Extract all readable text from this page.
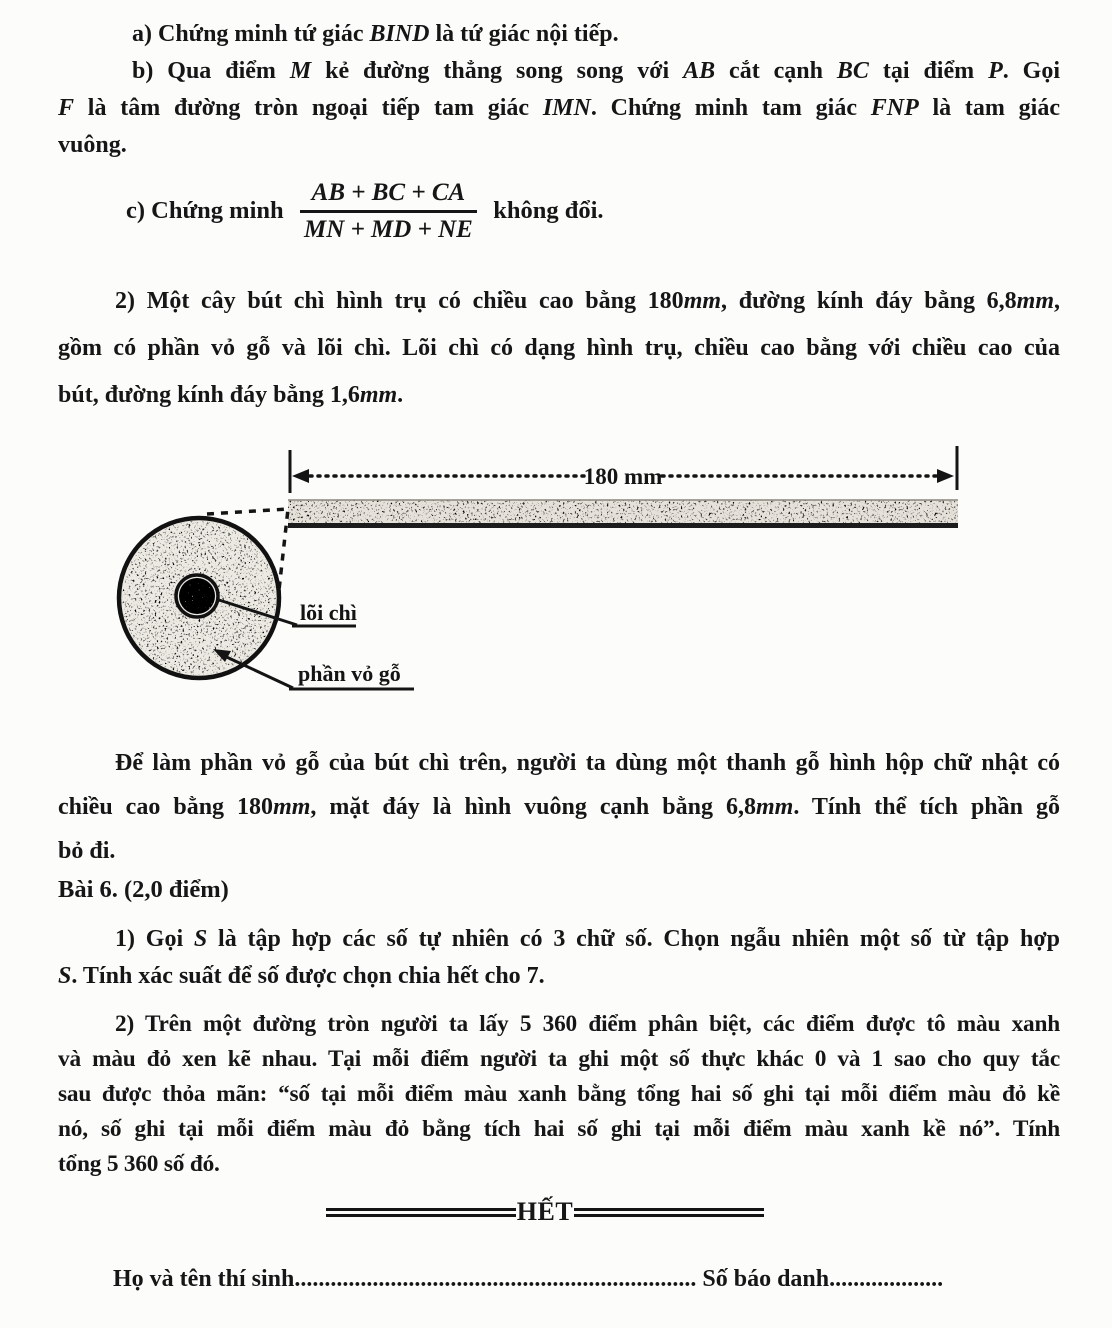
a) Chứng minh tứ giác BIND là tứ giác nội tiếp.
b) Qua điểm M kẻ đường thẳng song song với AB cắt cạnh BC tại điểm P. Gọi
F là tâm đường tròn ngoại tiếp tam giác IMN. Chứng minh tam giác FNP là tam giác
vuông.
c) Chứng minh $\frac{AB + BC + CA}{MN + MD + NE}$ không đổi.
2) Một cây bút chì hình trụ có chiều cao bằng 180mm, đường kính đáy bằng 6,8mm,
gồm có phần vỏ gỗ và lõi chì. Lõi chì có dạng hình trụ, chiều cao bằng với chiều cao của
bút, đường kính đáy bằng 1,6mm.
180 mm
lõi chì
phần vỏ gỗ
Để làm phần vỏ gỗ của bút chì trên, người ta dùng một thanh gỗ hình hộp chữ nhật có
chiều cao bằng 180mm, mặt đáy là hình vuông cạnh bằng 6,8mm. Tính thể tích phần gỗ
bỏ đi.
Bài 6. (2,0 điểm)
1) Gọi S là tập hợp các số tự nhiên có 3 chữ số. Chọn ngẫu nhiên một số từ tập hợp
S. Tính xác suất để số được chọn chia hết cho 7.
2) Trên một đường tròn người ta lấy 5 360 điểm phân biệt, các điểm được tô màu xanh
và màu đỏ xen kẽ nhau. Tại mỗi điểm người ta ghi một số thực khác 0 và 1 sao cho quy tắc
sau được thỏa mãn: “số tại mỗi điểm màu xanh bằng tổng hai số ghi tại mỗi điểm màu đỏ kề
nó, số ghi tại mỗi điểm màu đỏ bằng tích hai số ghi tại mỗi điểm màu xanh kề nó”. Tính
tổng 5 360 số đó.
HẾT
Họ và tên thí sinh................................................................... Số báo danh...................
